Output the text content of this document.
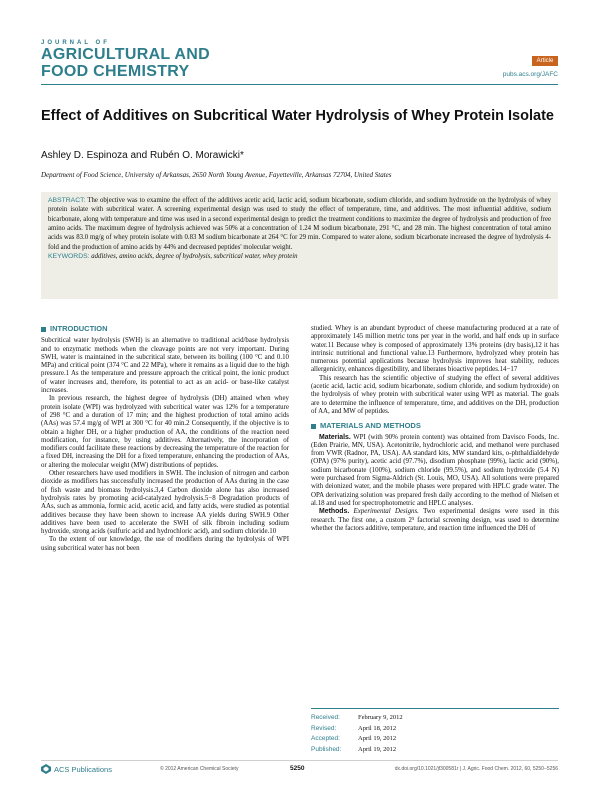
JOURNAL OF
AGRICULTURAL AND
FOOD CHEMISTRY
Article
pubs.acs.org/JAFC
Effect of Additives on Subcritical Water Hydrolysis of Whey Protein Isolate
Ashley D. Espinoza and Rubén O. Morawicki*
Department of Food Science, University of Arkansas, 2650 North Young Avenue, Fayetteville, Arkansas 72704, United States
ABSTRACT: The objective was to examine the effect of the additives acetic acid, lactic acid, sodium bicarbonate, sodium chloride, and sodium hydroxide on the hydrolysis of whey protein isolate with subcritical water. A screening experimental design was used to study the effect of temperature, time, and additives. The most influential additive, sodium bicarbonate, along with temperature and time was used in a second experimental design to predict the treatment conditions to maximize the degree of hydrolysis and production of free amino acids. The maximum degree of hydrolysis achieved was 50% at a concentration of 1.24 M sodium bicarbonate, 291 °C, and 28 min. The highest concentration of total amino acids was 83.0 mg/g of whey protein isolate with 0.83 M sodium bicarbonate at 264 °C for 29 min. Compared to water alone, sodium bicarbonate increased the degree of hydrolysis 4-fold and the production of amino acids by 44% and decreased peptides' molecular weight.
KEYWORDS: additives, amino acids, degree of hydrolysis, subcritical water, whey protein
INTRODUCTION

Subcritical water hydrolysis (SWH) is an alternative to traditional acid/base hydrolysis and to enzymatic methods when the cleavage points are not very important. During SWH, water is maintained in the subcritical state, between its boiling (100 °C and 0.10 MPa) and critical point (374 °C and 22 MPa), where it remains as a liquid due to the high pressure.1 As the temperature and pressure approach the critical point, the ionic product of water increases and, therefore, its potential to act as an acid- or base-like catalyst increases.

In previous research, the highest degree of hydrolysis (DH) attained when whey protein isolate (WPI) was hydrolyzed with subcritical water was 12% for a temperature of 298 °C and a duration of 17 min; and the highest production of total amino acids (AAs) was 57.4 mg/g of WPI at 300 °C for 40 min.2 Consequently, if the objective is to obtain a higher DH, or a higher production of AA, the conditions of the reaction need modification, for instance, by using additives. Alternatively, the incorporation of modifiers could facilitate these reactions by decreasing the temperature of the reaction for a fixed DH, increasing the DH for a fixed temperature, enhancing the production of AAs, or altering the molecular weight (MW) distributions of peptides.

Other researchers have used modifiers in SWH. The inclusion of nitrogen and carbon dioxide as modifiers has successfully increased the production of AAs during in the case of fish waste and biomass hydrolysis.3,4 Carbon dioxide alone has also increased hydrolysis rates by promoting acid-catalyzed hydrolysis.5−8 Degradation products of AAs, such as ammonia, formic acid, acetic acid, and fatty acids, were studied as potential additives because they have been shown to increase AA yields during SWH.9 Other additives have been used to accelerate the SWH of silk fibroin including sodium hydroxide, strong acids (sulfuric acid and hydrochloric acid), and sodium chloride.10

To the extent of our knowledge, the use of modifiers during the hydrolysis of WPI using subcritical water has not been

studied. Whey is an abundant byproduct of cheese manufacturing produced at a rate of approximately 145 million metric tons per year in the world, and half ends up in surface water.11 Because whey is composed of approximately 13% proteins (dry basis),12 it has intrinsic nutritional and functional value.13 Furthermore, hydrolyzed whey protein has numerous potential applications because hydrolysis improves heat stability, reduces allergenicity, enhances digestibility, and liberates bioactive peptides.14−17

This research has the scientific objective of studying the effect of several additives (acetic acid, lactic acid, sodium bicarbonate, sodium chloride, and sodium hydroxide) on the hydrolysis of whey protein with subcritical water using WPI as material. The goals are to determine the influence of temperature, time, and additives on the DH, production of AA, and MW of peptides.

MATERIALS AND METHODS

Materials. WPI (with 90% protein content) was obtained from Davisco Foods, Inc. (Eden Prairie, MN, USA). Acetonitrile, hydrochloric acid, and methanol were purchased from VWR (Radnor, PA, USA). AA standard kits, MW standard kits, o-phthaldialdehyde (OPA) (97% purity), acetic acid (97.7%), disodium phosphate (99%), lactic acid (90%), sodium bicarbonate (100%), sodium chloride (99.5%), and sodium hydroxide (5.4 N) were purchased from Sigma-Aldrich (St. Louis, MO, USA). All solutions were prepared with deionized water, and the mobile phases were prepared with HPLC grade water. The OPA derivatizing solution was prepared fresh daily according to the method of Nielsen et al.18 and used for spectrophotometric and HPLC analyses.

Methods. Experimental Designs. Two experimental designs were used in this research. The first one, a custom 2⁵ factorial screening design, was used to determine whether the factors additive, temperature, and reaction time influenced the DH of

Received:	February 9, 2012
Revised:	April 18, 2012
Accepted:	April 19, 2012
Published:	April 19, 2012
ACS Publications	© 2012 American Chemical Society	5250	dx.doi.org/10.1021/jf300581r | J. Agric. Food Chem. 2012, 60, 5250−5256
